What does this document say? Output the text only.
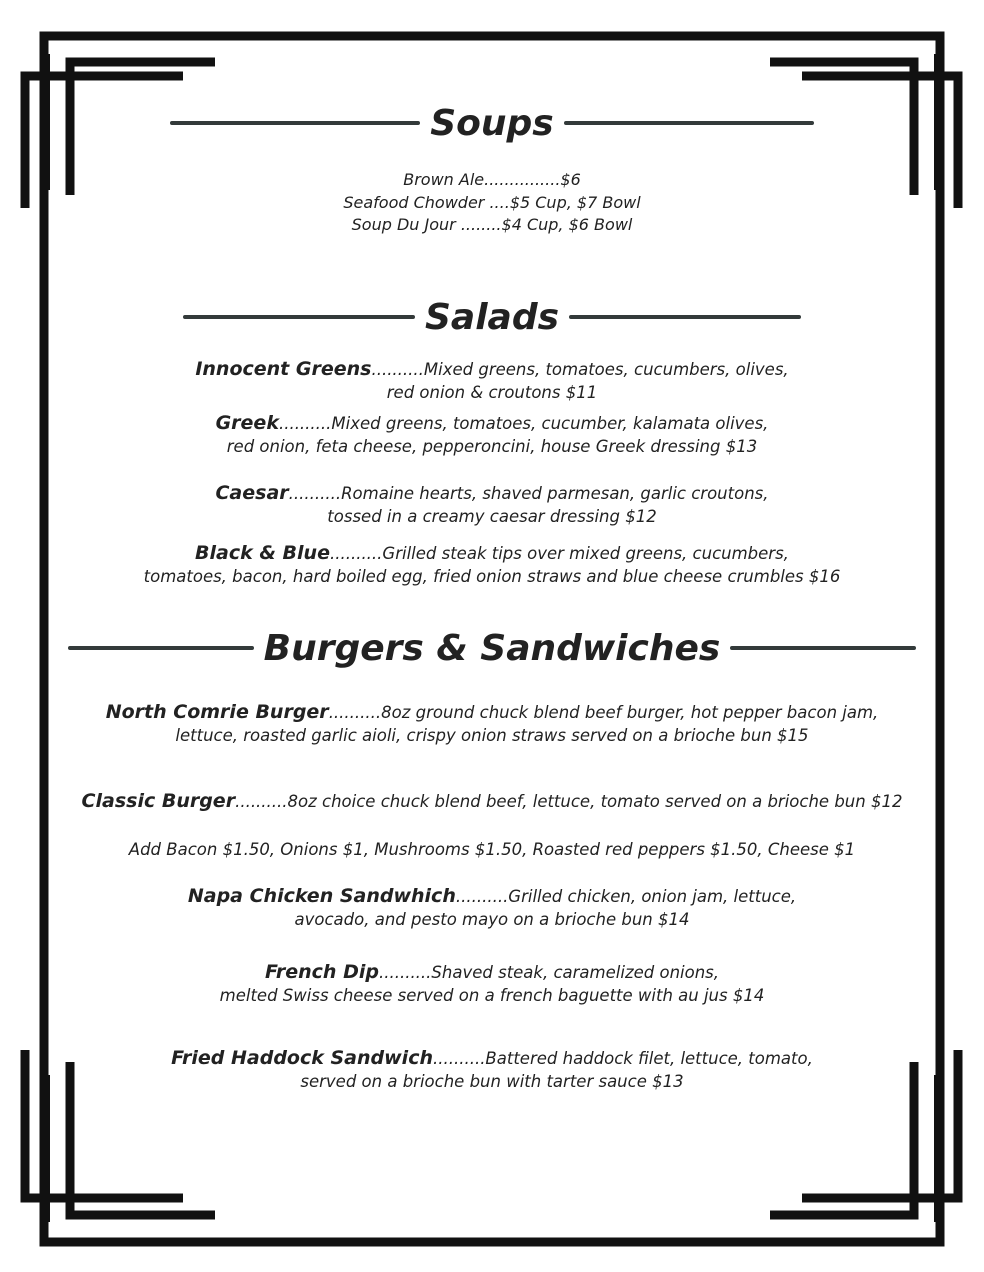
Soups
Brown Ale...............$6
Seafood Chowder ....$5 Cup, $7 Bowl
Soup Du Jour ........$4 Cup, $6 Bowl
Salads
Innocent Greens..........Mixed greens, tomatoes, cucumbers, olives,
red onion & croutons $11
Greek..........Mixed greens, tomatoes, cucumber, kalamata olives,
red onion, feta cheese, pepperoncini, house Greek dressing $13
Caesar..........Romaine hearts, shaved parmesan, garlic croutons,
tossed in a creamy caesar dressing $12
Black & Blue..........Grilled steak tips over mixed greens, cucumbers,
tomatoes, bacon, hard boiled egg, fried onion straws and blue cheese crumbles $16
Burgers & Sandwiches
North Comrie Burger..........8oz ground chuck blend beef burger, hot pepper bacon jam,
lettuce, roasted garlic aioli, crispy onion straws served on a brioche bun $15
Classic Burger..........8oz choice chuck blend beef, lettuce, tomato served on a brioche bun $12
Add Bacon $1.50, Onions $1, Mushrooms $1.50, Roasted red peppers $1.50, Cheese $1
Napa Chicken Sandwhich..........Grilled chicken, onion jam, lettuce,
avocado, and pesto mayo on a brioche bun $14
French Dip..........Shaved steak, caramelized onions,
melted Swiss cheese served on a french baguette with au jus $14
Fried Haddock Sandwich..........Battered haddock filet, lettuce, tomato,
served on a brioche bun with tarter sauce $13
